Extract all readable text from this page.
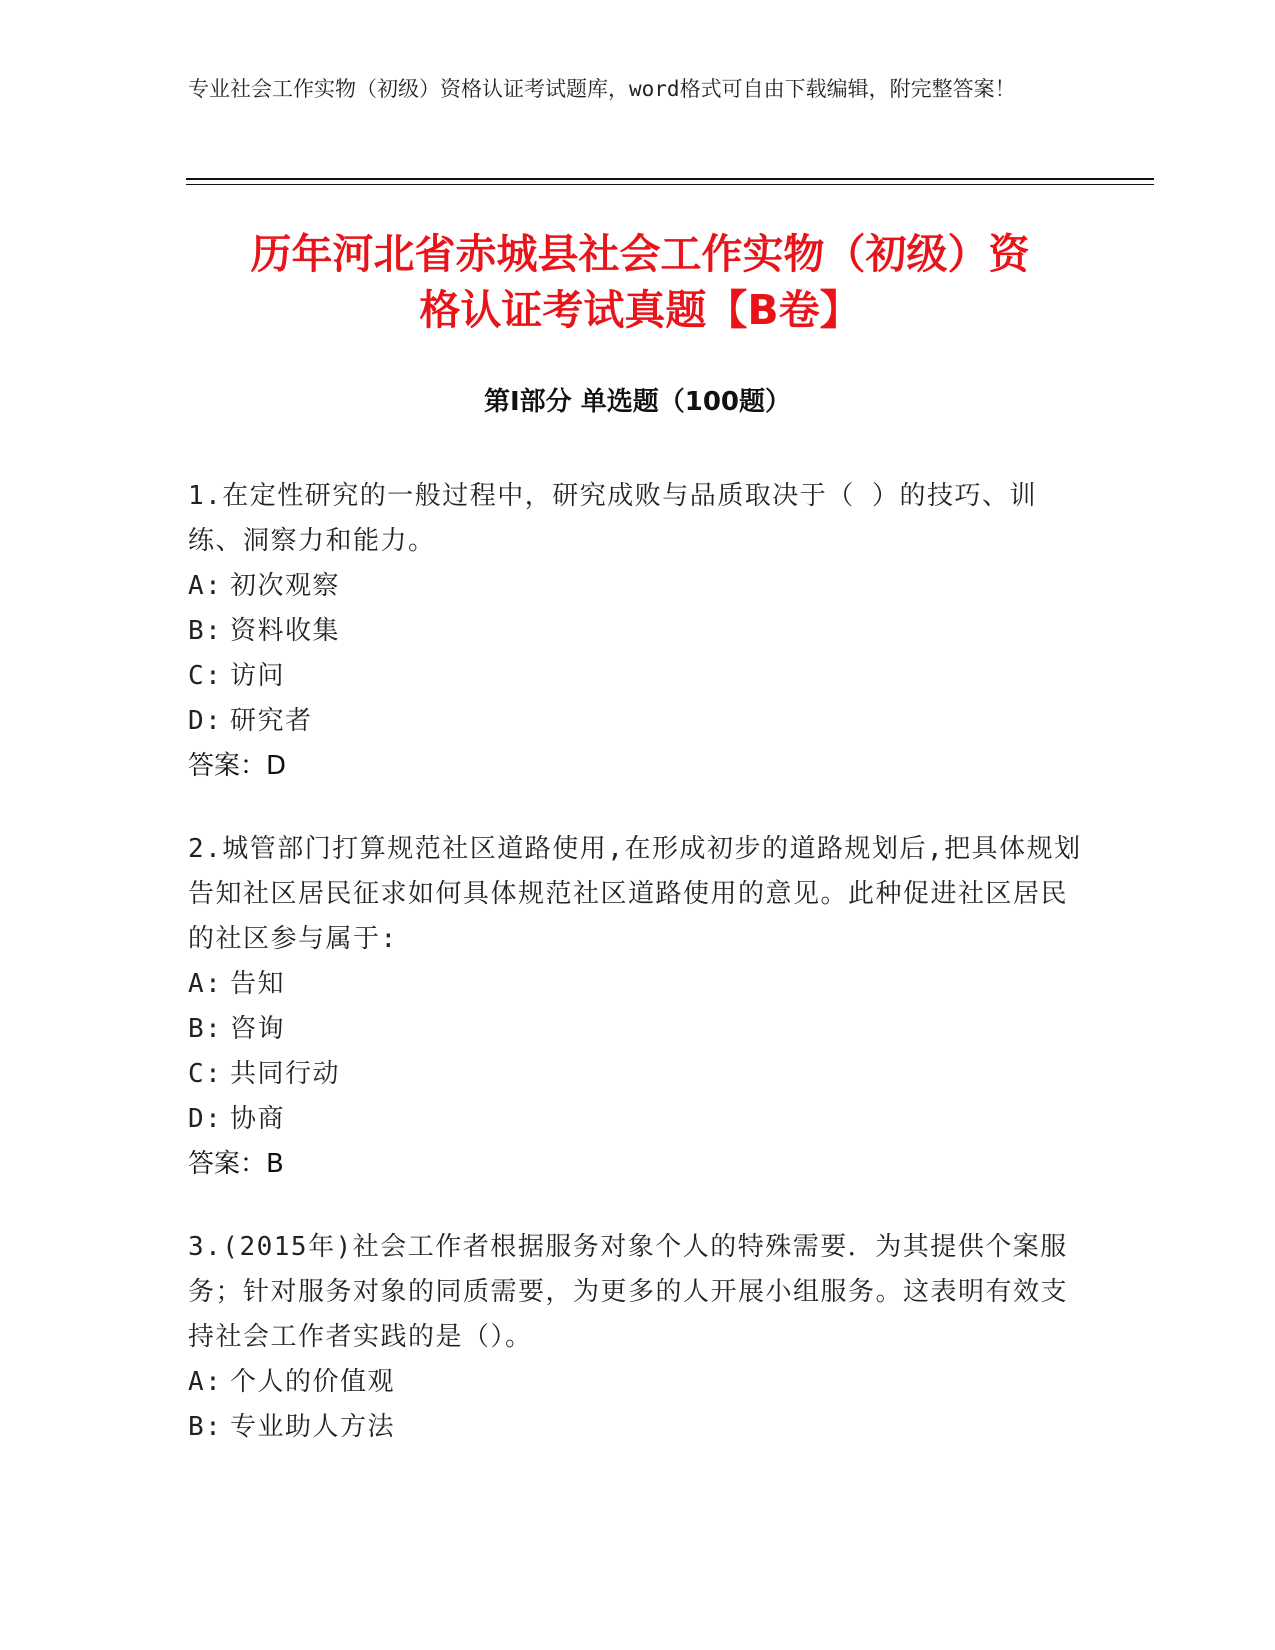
专业社会工作实物（初级）资格认证考试题库，word格式可自由下载编辑，附完整答案！
历年河北省赤城县社会工作实物（初级）资
格认证考试真题【B卷】
第Ⅰ部分 单选题（100题）

1.在定性研究的一般过程中，研究成败与品质取决于（ ）的技巧、训练、洞察力和能力。

A: 初次观察
B: 资料收集
C: 访问
D: 研究者
答案：D

2.城管部门打算规范社区道路使用,在形成初步的道路规划后,把具体规划告知社区居民征求如何具体规范社区道路使用的意见。此种促进社区居民的社区参与属于:

A: 告知
B: 咨询
C: 共同行动
D: 协商
答案：B

3.(2015年)社会工作者根据服务对象个人的特殊需要．为其提供个案服务；针对服务对象的同质需要，为更多的人开展小组服务。这表明有效支持社会工作者实践的是（）。

A: 个人的价值观
B: 专业助人方法
